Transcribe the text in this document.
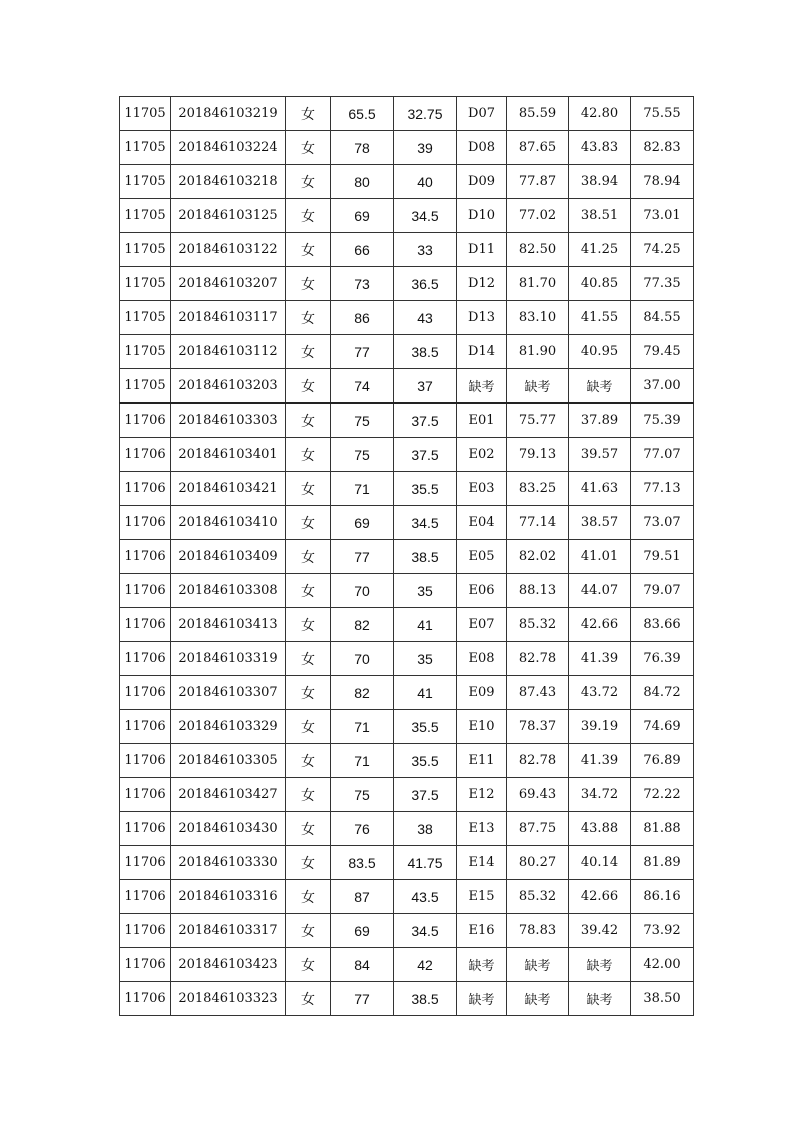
11705	201846103219	女	65.5	32.75	D07	85.59	42.80	75.55
11705	201846103224	女	78	39	D08	87.65	43.83	82.83
11705	201846103218	女	80	40	D09	77.87	38.94	78.94
11705	201846103125	女	69	34.5	D10	77.02	38.51	73.01
11705	201846103122	女	66	33	D11	82.50	41.25	74.25
11705	201846103207	女	73	36.5	D12	81.70	40.85	77.35
11705	201846103117	女	86	43	D13	83.10	41.55	84.55
11705	201846103112	女	77	38.5	D14	81.90	40.95	79.45
11705	201846103203	女	74	37	缺考	缺考	缺考	37.00
11706	201846103303	女	75	37.5	E01	75.77	37.89	75.39
11706	201846103401	女	75	37.5	E02	79.13	39.57	77.07
11706	201846103421	女	71	35.5	E03	83.25	41.63	77.13
11706	201846103410	女	69	34.5	E04	77.14	38.57	73.07
11706	201846103409	女	77	38.5	E05	82.02	41.01	79.51
11706	201846103308	女	70	35	E06	88.13	44.07	79.07
11706	201846103413	女	82	41	E07	85.32	42.66	83.66
11706	201846103319	女	70	35	E08	82.78	41.39	76.39
11706	201846103307	女	82	41	E09	87.43	43.72	84.72
11706	201846103329	女	71	35.5	E10	78.37	39.19	74.69
11706	201846103305	女	71	35.5	E11	82.78	41.39	76.89
11706	201846103427	女	75	37.5	E12	69.43	34.72	72.22
11706	201846103430	女	76	38	E13	87.75	43.88	81.88
11706	201846103330	女	83.5	41.75	E14	80.27	40.14	81.89
11706	201846103316	女	87	43.5	E15	85.32	42.66	86.16
11706	201846103317	女	69	34.5	E16	78.83	39.42	73.92
11706	201846103423	女	84	42	缺考	缺考	缺考	42.00
11706	201846103323	女	77	38.5	缺考	缺考	缺考	38.50
